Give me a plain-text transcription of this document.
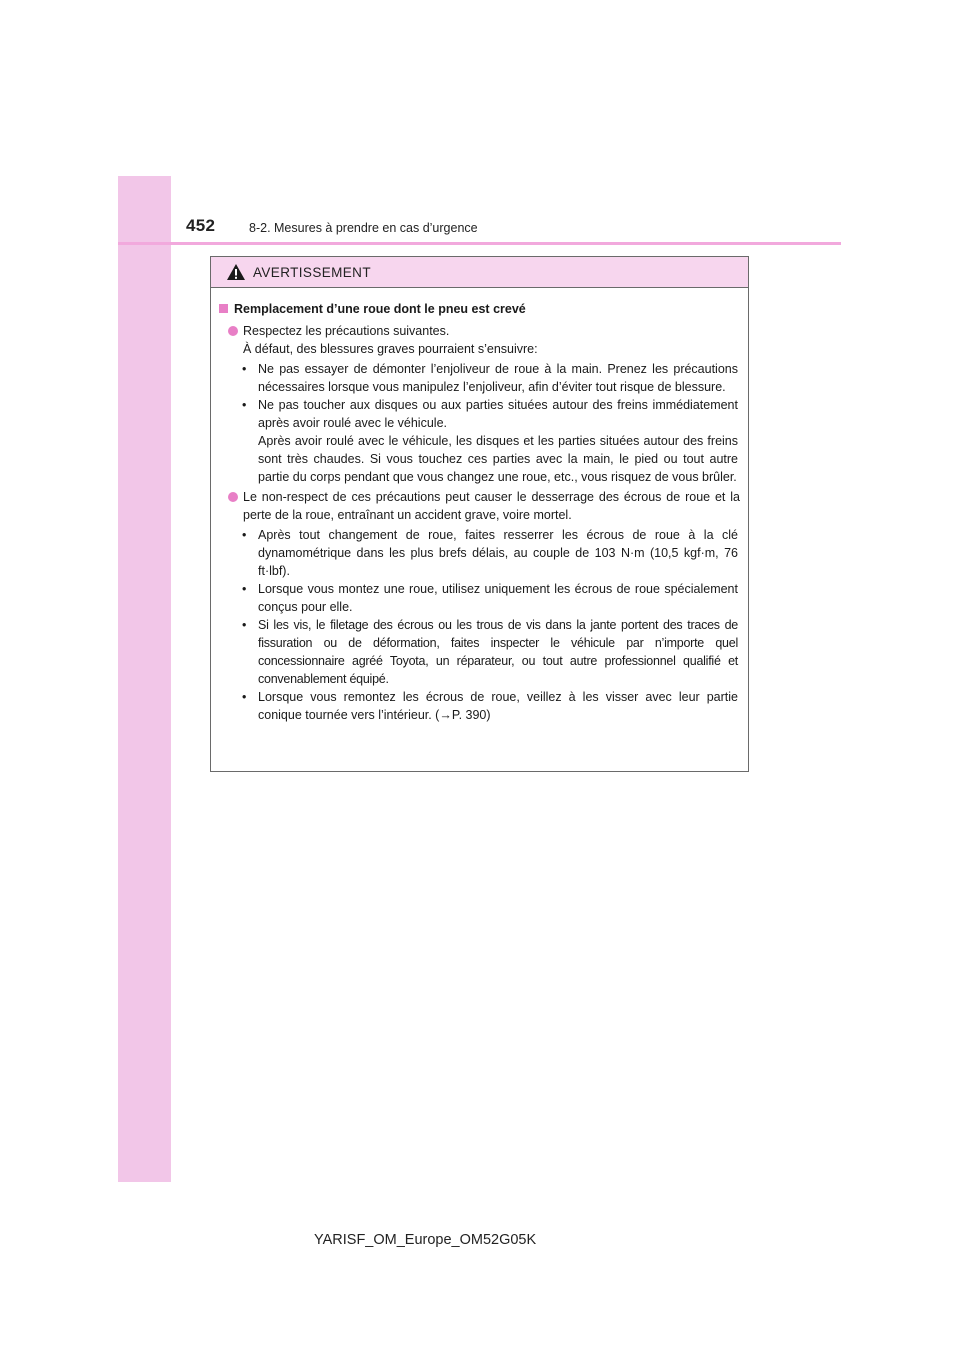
452	8-2. Mesures à prendre en cas d’urgence
AVERTISSEMENT
Remplacement d’une roue dont le pneu est crevé
Respectez les précautions suivantes.
À défaut, des blessures graves pourraient s’ensuivre:
• Ne pas essayer de démonter l’enjoliveur de roue à la main. Prenez les précautions nécessaires lorsque vous manipulez l’enjoliveur, afin d’éviter tout risque de blessure.
• Ne pas toucher aux disques ou aux parties situées autour des freins immédiatement après avoir roulé avec le véhicule.
Après avoir roulé avec le véhicule, les disques et les parties situées autour des freins sont très chaudes. Si vous touchez ces parties avec la main, le pied ou tout autre partie du corps pendant que vous changez une roue, etc., vous risquez de vous brûler.
Le non-respect de ces précautions peut causer le desserrage des écrous de roue et la perte de la roue, entraînant un accident grave, voire mortel.
• Après tout changement de roue, faites resserrer les écrous de roue à la clé dynamométrique dans les plus brefs délais, au couple de 103 N·m (10,5 kgf·m, 76 ft·lbf).
• Lorsque vous montez une roue, utilisez uniquement les écrous de roue spécialement conçus pour elle.
• Si les vis, le filetage des écrous ou les trous de vis dans la jante portent des traces de fissuration ou de déformation, faites inspecter le véhicule par n’importe quel concessionnaire agréé Toyota, un réparateur, ou tout autre professionnel qualifié et convenablement équipé.
• Lorsque vous remontez les écrous de roue, veillez à les visser avec leur partie conique tournée vers l’intérieur. (→P. 390)
YARISF_OM_Europe_OM52G05K
